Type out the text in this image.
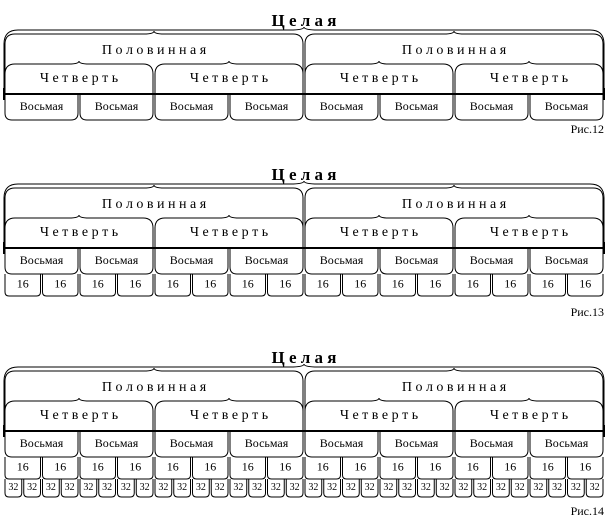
Ц е л а я
П о л о в и н н а я	П о л о в и н н а я
Ч е т в е р т ь	Ч е т в е р т ь	Ч е т в е р т ь	Ч е т в е р т ь
Восьмая	Восьмая	Восьмая	Восьмая	Восьмая	Восьмая	Восьмая	Восьмая
Рис.12
Ц е л а я
П о л о в и н н а я	П о л о в и н н а я
Ч е т в е р т ь	Ч е т в е р т ь	Ч е т в е р т ь	Ч е т в е р т ь
Восьмая	Восьмая	Восьмая	Восьмая	Восьмая	Восьмая	Восьмая	Восьмая
16 16 16 16 16 16 16 16 16 16 16 16 16 16 16 16
Рис.13
Ц е л а я
П о л о в и н н а я	П о л о в и н н а я
Ч е т в е р т ь	Ч е т в е р т ь	Ч е т в е р т ь	Ч е т в е р т ь
Восьмая	Восьмая	Восьмая	Восьмая	Восьмая	Восьмая	Восьмая	Восьмая
16 16 16 16 16 16 16 16 16 16 16 16 16 16 16 16
32 32 32 32 32 32 32 32 32 32 32 32 32 32 32 32 32 32 32 32 32 32 32 32 32 32 32 32 32 32 32 32
Рис.14
